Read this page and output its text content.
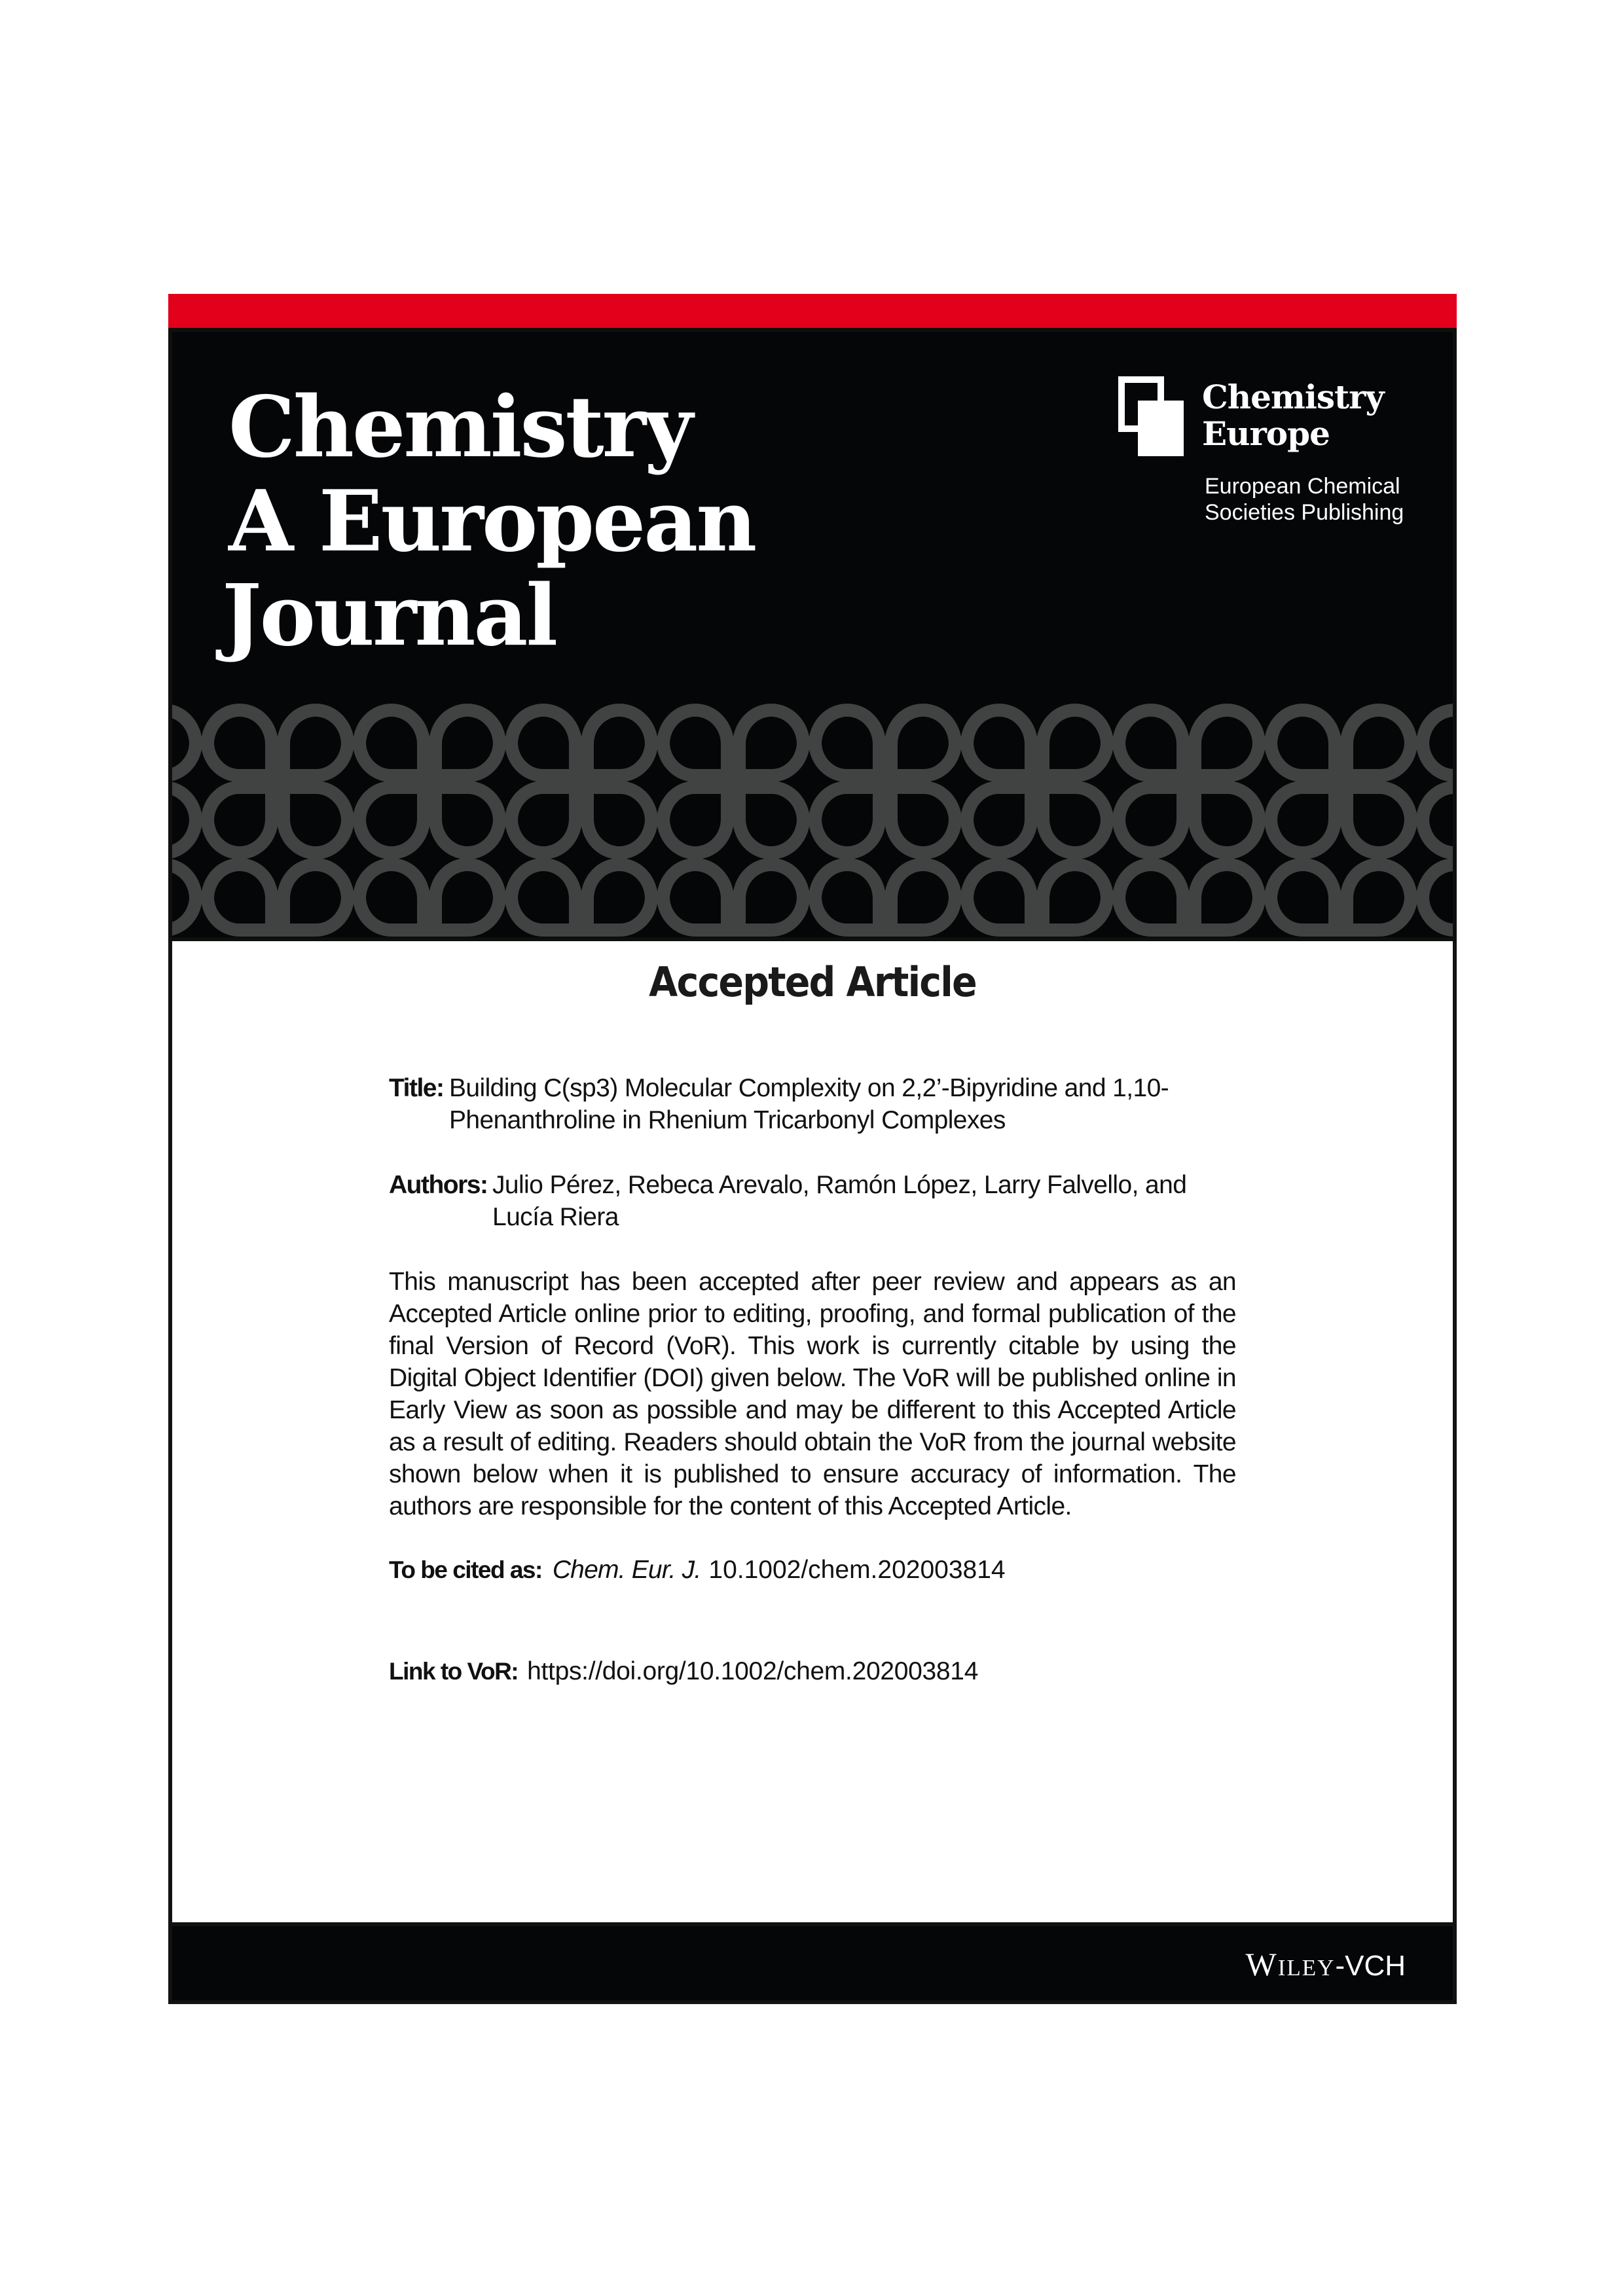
Chemistry
A European
Journal
Chemistry
Europe
European Chemical
Societies Publishing
Accepted Article
Title: Building C(sp3) Molecular Complexity on 2,2’-Bipyridine and 1,10-Phenanthroline in Rhenium Tricarbonyl Complexes
Authors: Julio Pérez, Rebeca Arevalo, Ramón López, Larry Falvello, and Lucía Riera

This manuscript has been accepted after peer review and appears as an Accepted Article online prior to editing, proofing, and formal publication of the final Version of Record (VoR). This work is currently citable by using the Digital Object Identifier (DOI) given below. The VoR will be published online in Early View as soon as possible and may be different to this Accepted Article as a result of editing. Readers should obtain the VoR from the journal website shown below when it is published to ensure accuracy of information. The authors are responsible for the content of this Accepted Article.

To be cited as: Chem. Eur. J. 10.1002/chem.202003814
Link to VoR: https://doi.org/10.1002/chem.202003814
Wiley-VCH
